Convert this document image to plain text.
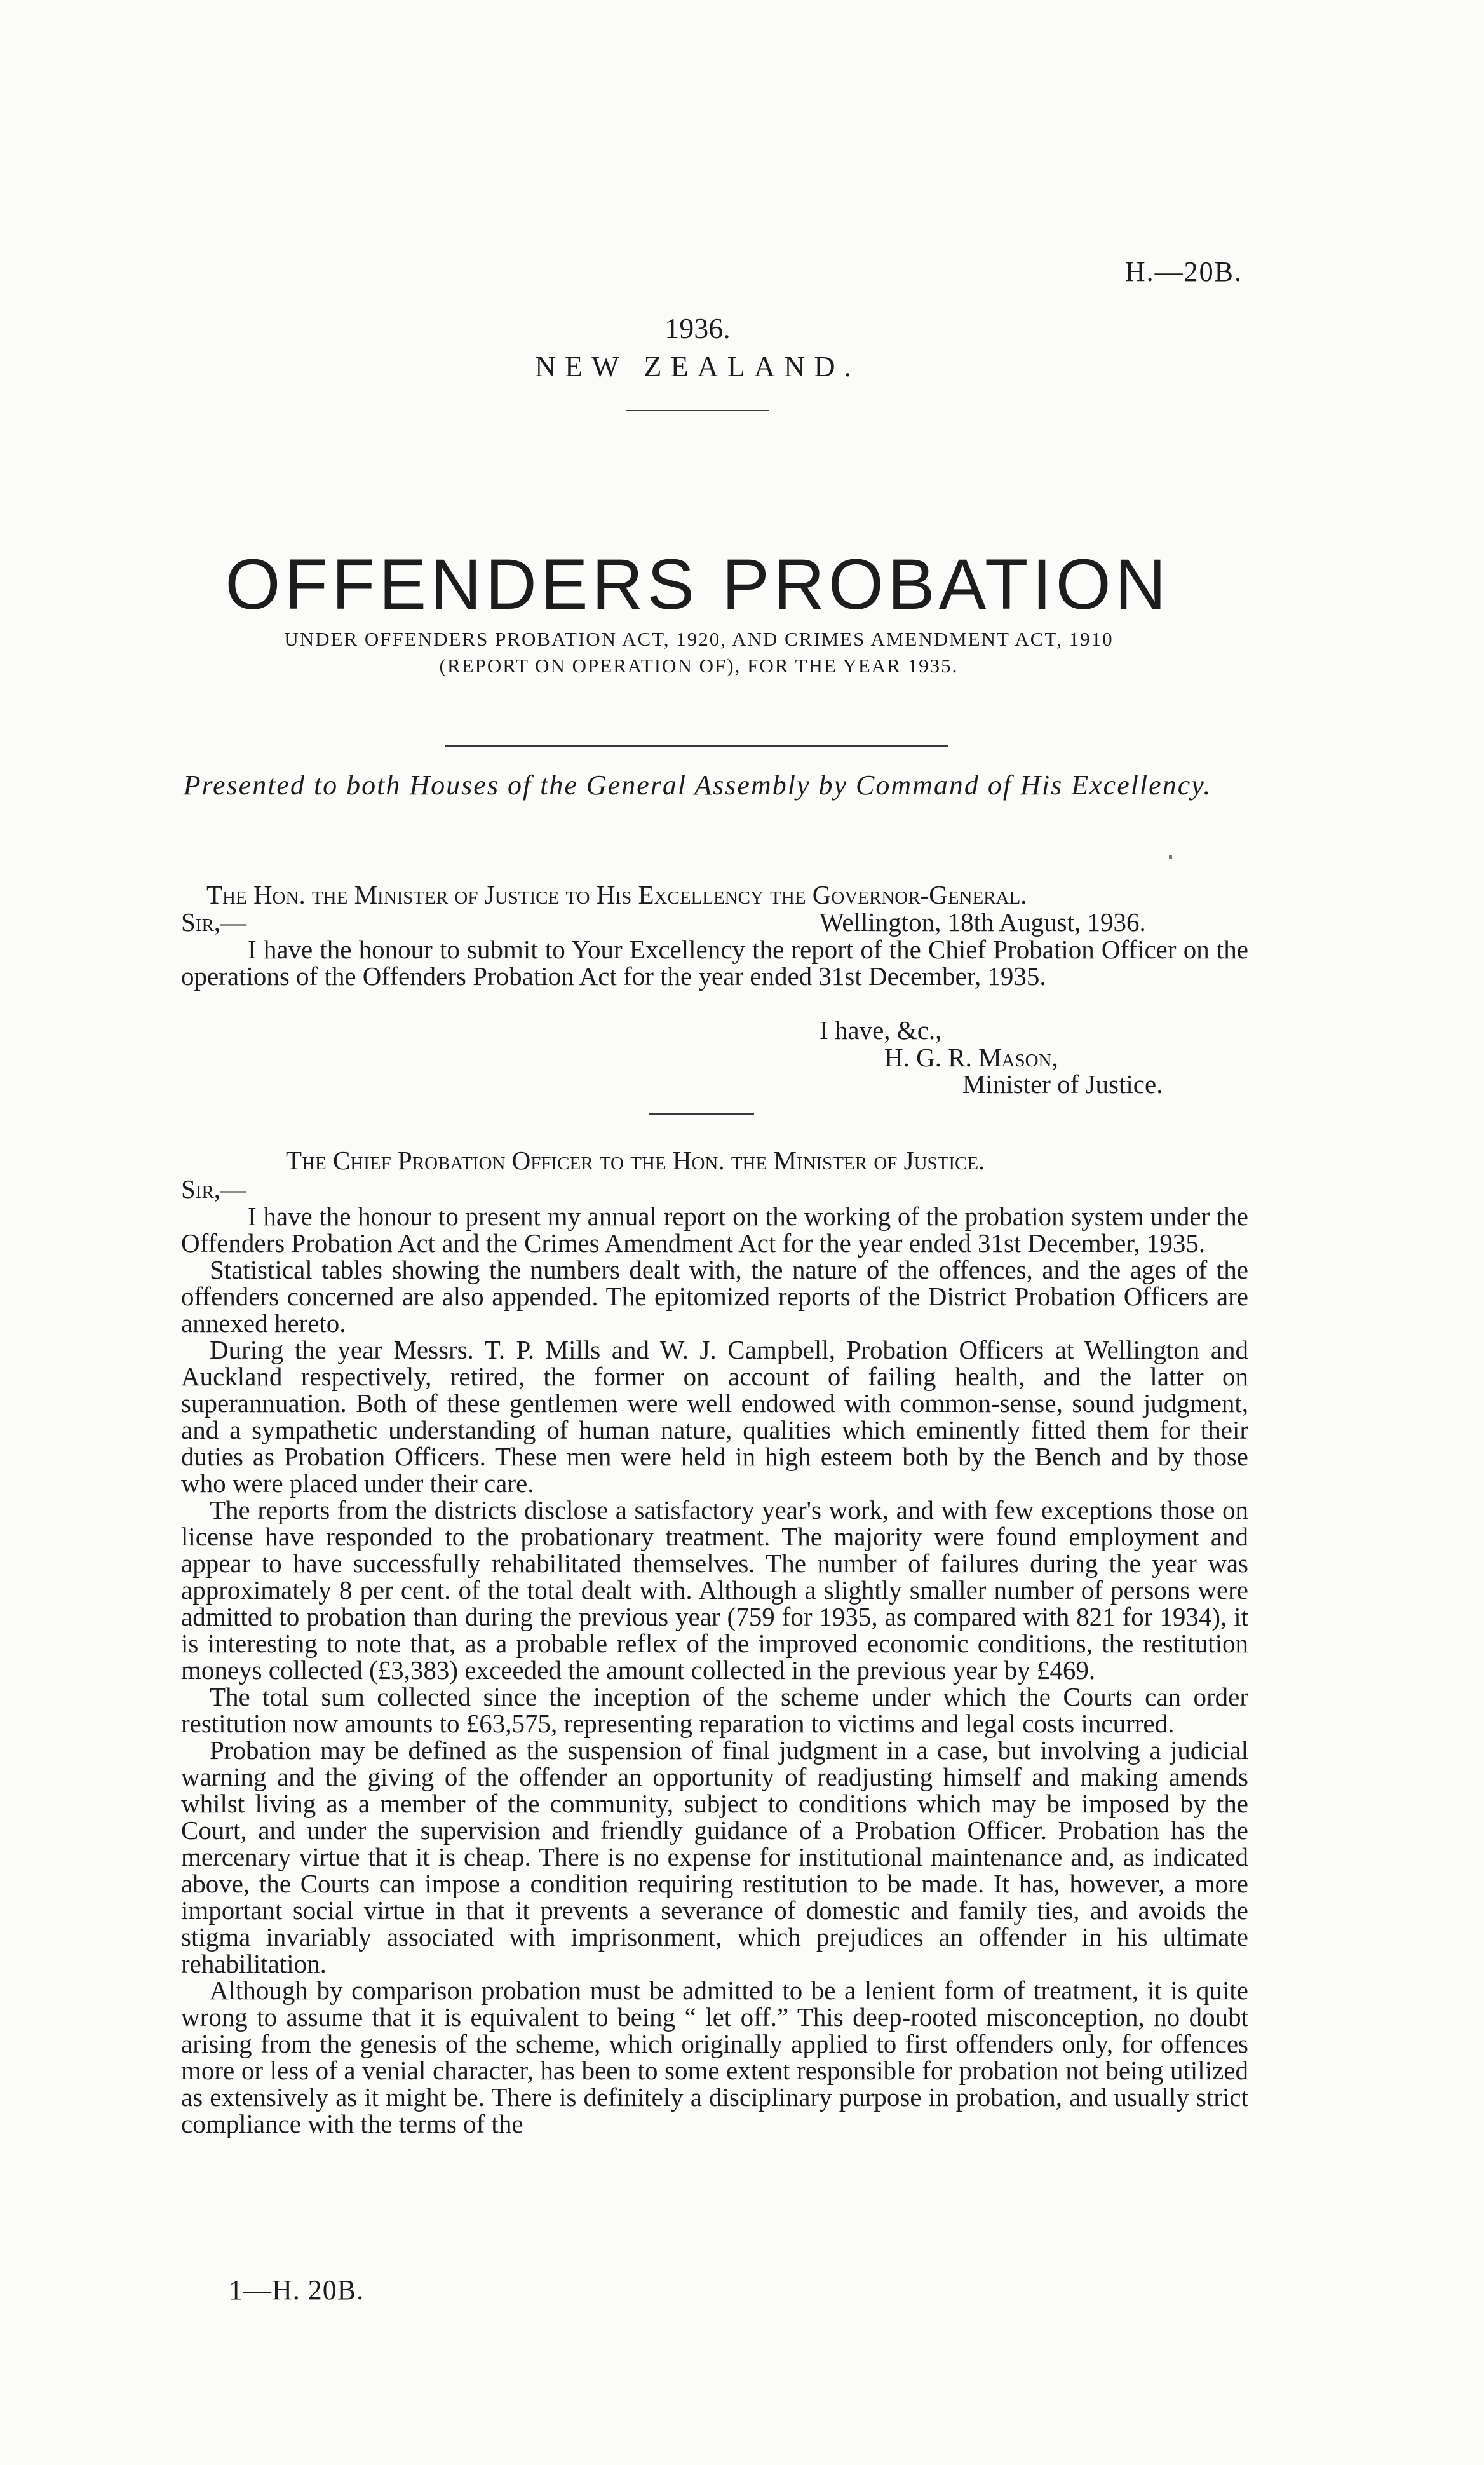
H.—20B.
1936.
NEW ZEALAND.
OFFENDERS PROBATION
UNDER OFFENDERS PROBATION ACT, 1920, AND CRIMES AMENDMENT ACT, 1910
(REPORT ON OPERATION OF), FOR THE YEAR 1935.
Presented to both Houses of the General Assembly by Command of His Excellency.
The Hon. the Minister of Justice to His Excellency the Governor-General.
Sir,—	Wellington, 18th August, 1936.
I have the honour to submit to Your Excellency the report of the Chief Probation Officer on the operations of the Offenders Probation Act for the year ended 31st December, 1935.
I have, &c.,
H. G. R. Mason,
Minister of Justice.
The Chief Probation Officer to the Hon. the Minister of Justice.
Sir,—

I have the honour to present my annual report on the working of the probation system under the Offenders Probation Act and the Crimes Amendment Act for the year ended 31st December, 1935.

Statistical tables showing the numbers dealt with, the nature of the offences, and the ages of the offenders concerned are also appended. The epitomized reports of the District Probation Officers are annexed hereto.

During the year Messrs. T. P. Mills and W. J. Campbell, Probation Officers at Wellington and Auckland respectively, retired, the former on account of failing health, and the latter on superannuation. Both of these gentlemen were well endowed with common-sense, sound judgment, and a sympathetic understanding of human nature, qualities which eminently fitted them for their duties as Probation Officers. These men were held in high esteem both by the Bench and by those who were placed under their care.

The reports from the districts disclose a satisfactory year's work, and with few exceptions those on license have responded to the probationary treatment. The majority were found employment and appear to have successfully rehabilitated themselves. The number of failures during the year was approximately 8 per cent. of the total dealt with. Although a slightly smaller number of persons were admitted to probation than during the previous year (759 for 1935, as compared with 821 for 1934), it is interesting to note that, as a probable reflex of the improved economic conditions, the restitution moneys collected (£3,383) exceeded the amount collected in the previous year by £469.

The total sum collected since the inception of the scheme under which the Courts can order restitution now amounts to £63,575, representing reparation to victims and legal costs incurred.

Probation may be defined as the suspension of final judgment in a case, but involving a judicial warning and the giving of the offender an opportunity of readjusting himself and making amends whilst living as a member of the community, subject to conditions which may be imposed by the Court, and under the supervision and friendly guidance of a Probation Officer. Probation has the mercenary virtue that it is cheap. There is no expense for institutional maintenance and, as indicated above, the Courts can impose a condition requiring restitution to be made. It has, however, a more important social virtue in that it prevents a severance of domestic and family ties, and avoids the stigma invariably associated with imprisonment, which prejudices an offender in his ultimate rehabilitation.

Although by comparison probation must be admitted to be a lenient form of treatment, it is quite wrong to assume that it is equivalent to being “ let off.” This deep-rooted misconception, no doubt arising from the genesis of the scheme, which originally applied to first offenders only, for offences more or less of a venial character, has been to some extent responsible for probation not being utilized as extensively as it might be. There is definitely a disciplinary purpose in probation, and usually strict compliance with the terms of the

1—H. 20B.
